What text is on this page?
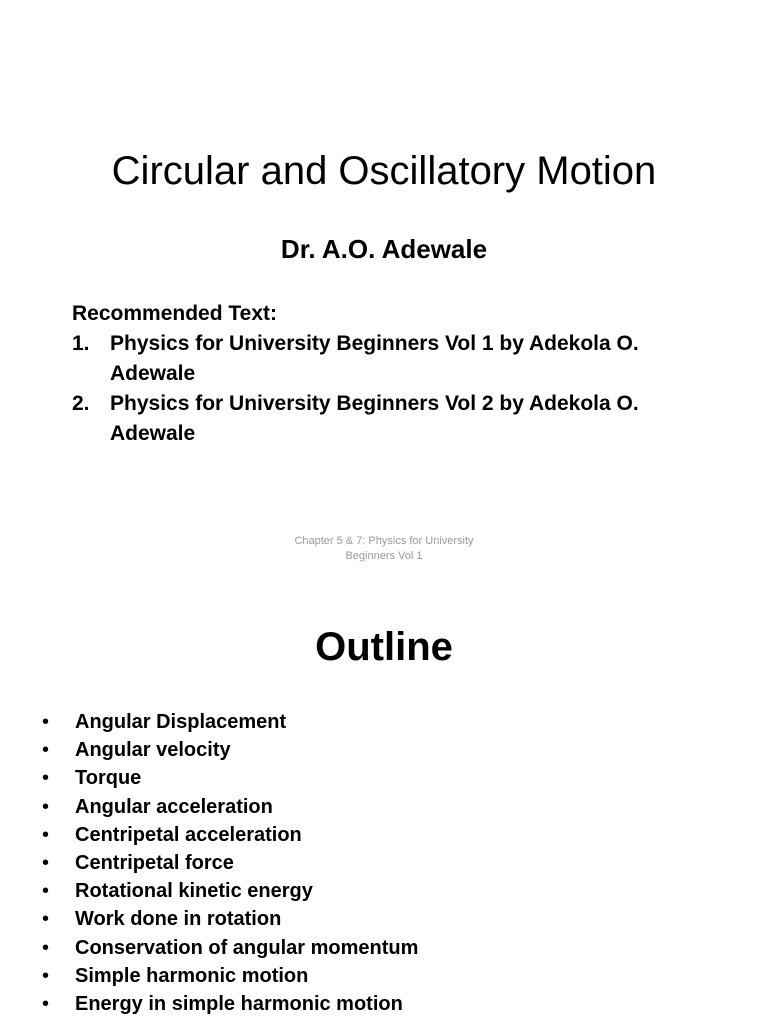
Circular and Oscillatory Motion
Dr. A.O. Adewale

Recommended Text:

1. Physics for University Beginners Vol 1 by Adekola O. Adewale
2. Physics for University Beginners Vol 2 by Adekola O. Adewale
Chapter 5 & 7: Physics for University
Beginners Vol 1
Outline
• Angular Displacement
• Angular velocity
• Torque
• Angular acceleration
• Centripetal acceleration
• Centripetal force
• Rotational kinetic energy
• Work done in rotation
• Conservation of angular momentum
• Simple harmonic motion
• Energy in simple harmonic motion
